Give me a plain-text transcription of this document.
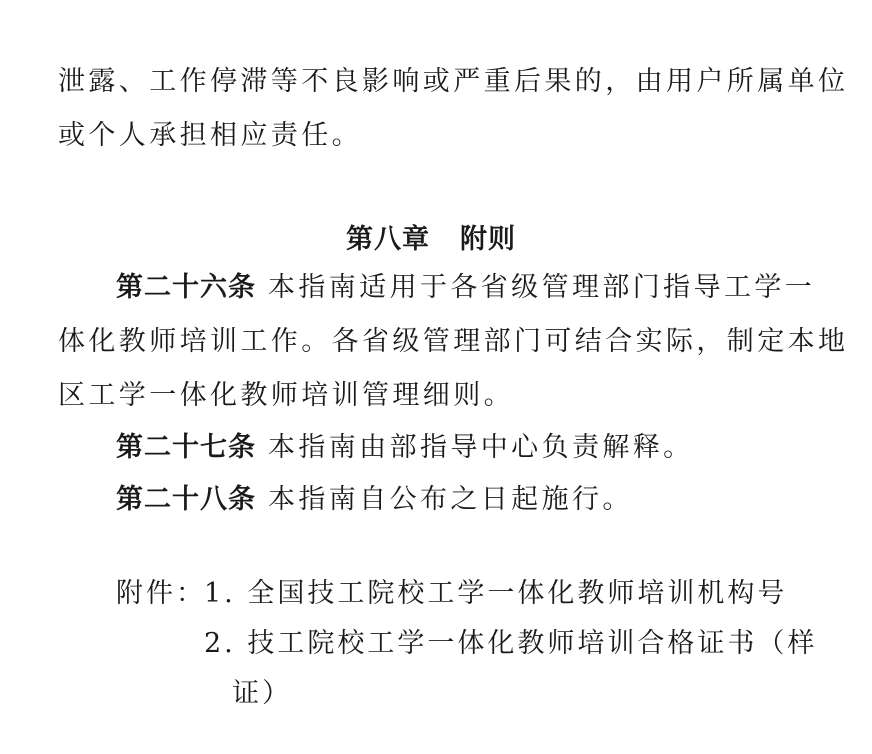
泄露、工作停滞等不良影响或严重后果的，由用户所属单位
或个人承担相应责任。
第八章 附则
第二十六条 本指南适用于各省级管理部门指导工学一
体化教师培训工作。各省级管理部门可结合实际，制定本地
区工学一体化教师培训管理细则。
第二十七条 本指南由部指导中心负责解释。
第二十八条 本指南自公布之日起施行。
附件：
1. 全国技工院校工学一体化教师培训机构号
2. 技工院校工学一体化教师培训合格证书（样
证）
